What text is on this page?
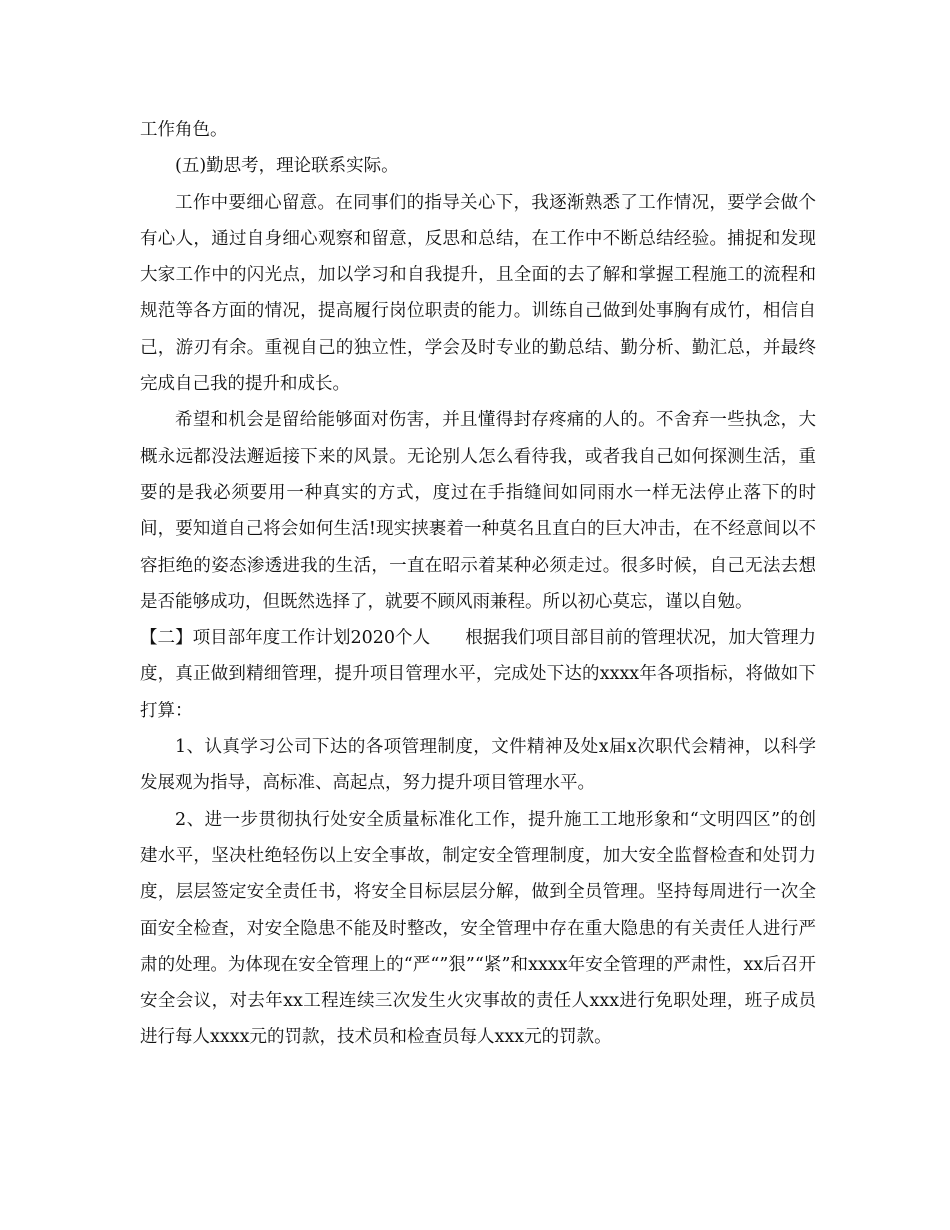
工作角色。

(五)勤思考，理论联系实际。

工作中要细心留意。在同事们的指导关心下，我逐渐熟悉了工作情况，要学会做个有心人，通过自身细心观察和留意，反思和总结，在工作中不断总结经验。捕捉和发现大家工作中的闪光点，加以学习和自我提升，且全面的去了解和掌握工程施工的流程和规范等各方面的情况，提高履行岗位职责的能力。训练自己做到处事胸有成竹，相信自己，游刃有余。重视自己的独立性，学会及时专业的勤总结、勤分析、勤汇总，并最终完成自己我的提升和成长。

希望和机会是留给能够面对伤害，并且懂得封存疼痛的人的。不舍弃一些执念，大概永远都没法邂逅接下来的风景。无论别人怎么看待我，或者我自己如何探测生活，重要的是我必须要用一种真实的方式，度过在手指缝间如同雨水一样无法停止落下的时间，要知道自己将会如何生活!现实挟裹着一种莫名且直白的巨大冲击，在不经意间以不容拒绝的姿态渗透进我的生活，一直在昭示着某种必须走过。很多时候，自己无法去想是否能够成功，但既然选择了，就要不顾风雨兼程。所以初心莫忘，谨以自勉。

【二】项目部年度工作计划2020个人　　根据我们项目部目前的管理状况，加大管理力度，真正做到精细管理，提升项目管理水平，完成处下达的xxxx年各项指标，将做如下打算：

1、认真学习公司下达的各项管理制度，文件精神及处x届x次职代会精神，以科学发展观为指导，高标准、高起点，努力提升项目管理水平。

2、进一步贯彻执行处安全质量标准化工作，提升施工工地形象和“文明四区”的创建水平，坚决杜绝轻伤以上安全事故，制定安全管理制度，加大安全监督检查和处罚力度，层层签定安全责任书，将安全目标层层分解，做到全员管理。坚持每周进行一次全面安全检查，对安全隐患不能及时整改，安全管理中存在重大隐患的有关责任人进行严肃的处理。为体现在安全管理上的“严“”狠”“紧”和xxxx年安全管理的严肃性，xx后召开安全会议，对去年xx工程连续三次发生火灾事故的责任人xxx进行免职处理，班子成员进行每人xxxx元的罚款，技术员和检查员每人xxx元的罚款。
